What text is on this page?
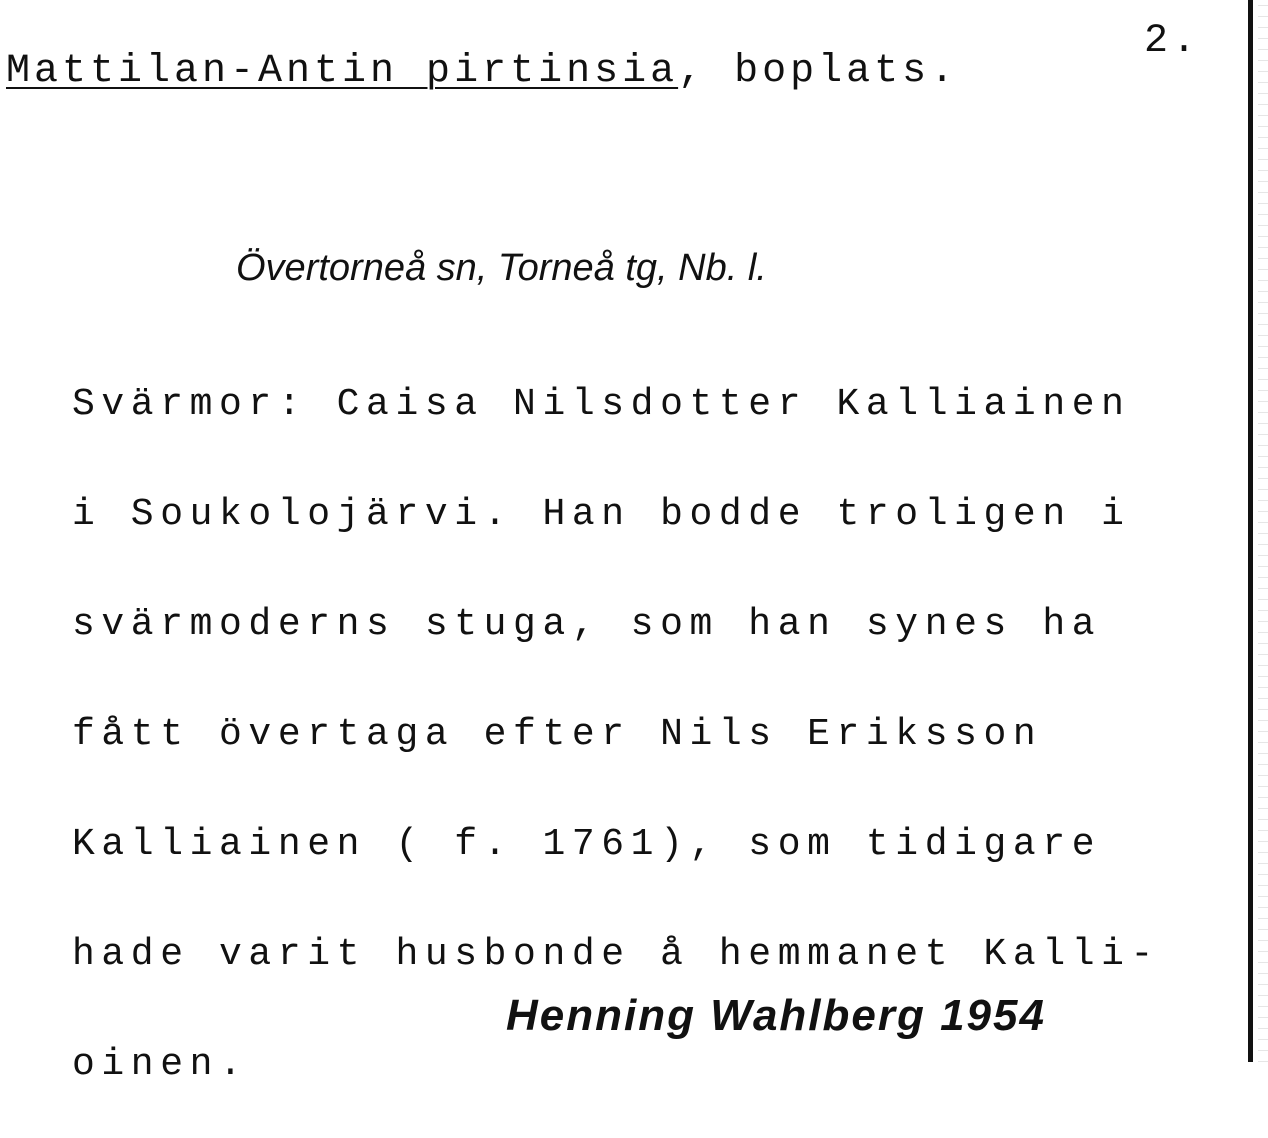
2.
Mattilan-Antin pirtinsia, boplats.
Övertorneå sn, Torneå tg, Nb. l.

Svärmor: Caisa Nilsdotter Kalliainen

i Soukolojärvi. Han bodde troligen i

svärmoderns stuga, som han synes ha

fått övertaga efter Nils Eriksson

Kalliainen ( f. 1761), som tidigare

hade varit husbonde å hemmanet Kalli-

oinen.

Henning Wahlberg 1954
